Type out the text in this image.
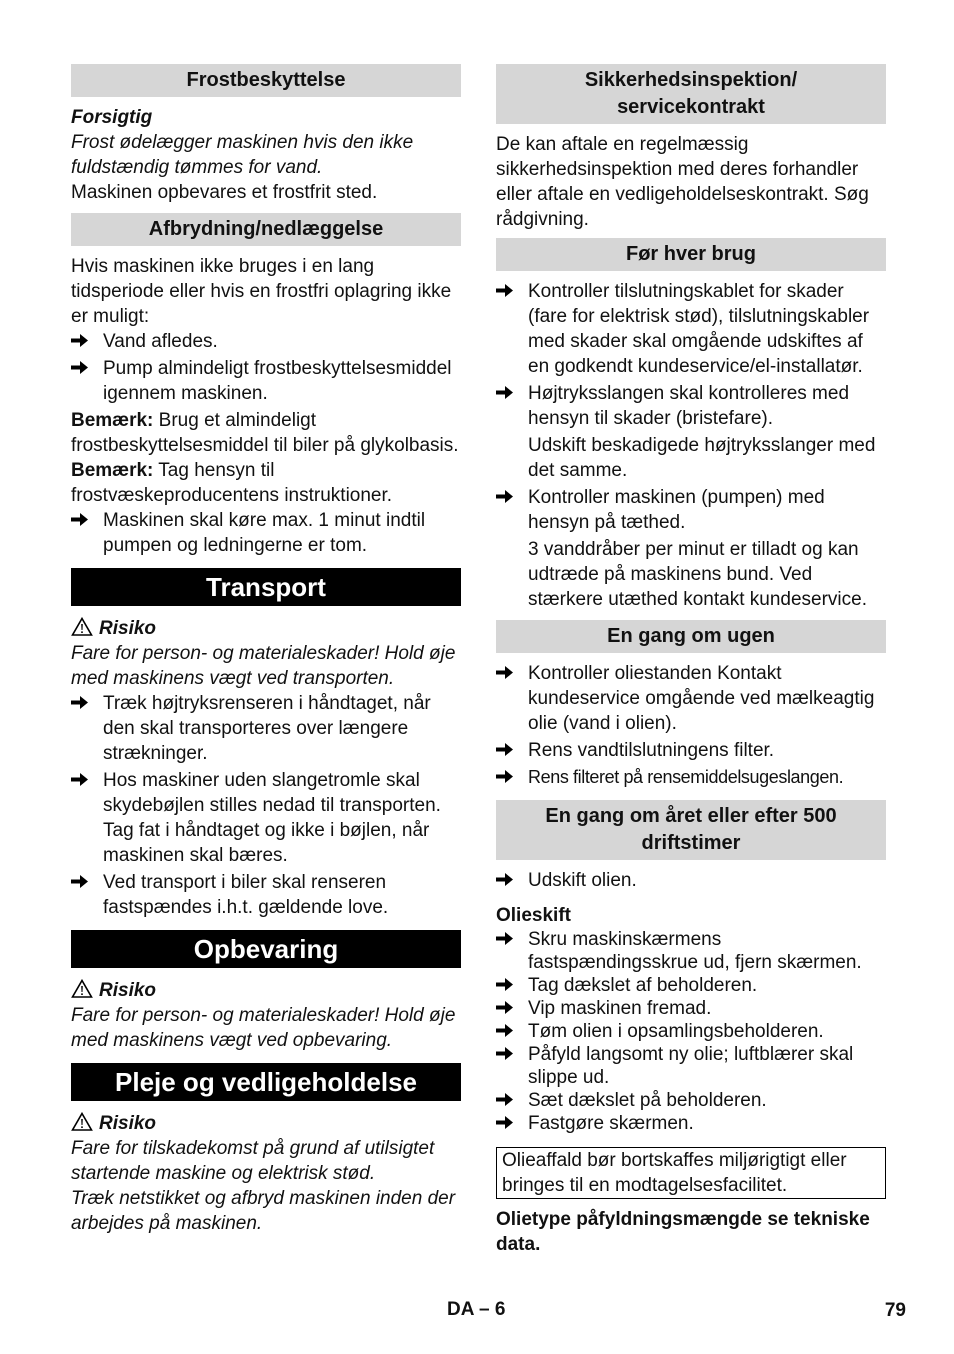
Frostbeskyttelse
Forsigtig
Frost ødelægger maskinen hvis den ikke fuldstændig tømmes for vand.
Maskinen opbevares et frostfrit sted.
Afbrydning/nedlæggelse
Hvis maskinen ikke bruges i en lang tidsperiode eller hvis en frostfri oplagring ikke er muligt:
Vand afledes.
Pump almindeligt frostbeskyttelsesmiddel igennem maskinen.
Bemærk: Brug et almindeligt frostbeskyttelsesmiddel til biler på glykolbasis.
Bemærk: Tag hensyn til frostvæskeproducentens instruktioner.
Maskinen skal køre max. 1 minut indtil pumpen og ledningerne er tom.
Transport
Risiko
Fare for person- og materialeskader! Hold øje med maskinens vægt ved transporten.
Træk højtryksrenseren i håndtaget, når den skal transporteres over længere strækninger.
Hos maskiner uden slangetromle skal skydebøjlen stilles nedad til transporten. Tag fat i håndtaget og ikke i bøjlen, når maskinen skal bæres.
Ved transport i biler skal renseren fastspændes i.h.t. gældende love.
Opbevaring
Risiko
Fare for person- og materialeskader! Hold øje med maskinens vægt ved opbevaring.
Pleje og vedligeholdelse
Risiko
Fare for tilskadekomst på grund af utilsigtet startende maskine og elektrisk stød.
Træk netstikket og afbryd maskinen inden der arbejdes på maskinen.
Sikkerhedsinspektion/ servicekontrakt
De kan aftale en regelmæssig sikkerhedsinspektion med deres forhandler eller aftale en vedligeholdelseskontrakt. Søg rådgivning.
Før hver brug
Kontroller tilslutningskablet for skader (fare for elektrisk stød), tilslutningskabler med skader skal omgående udskiftes af en godkendt kundeservice/el-installatør.
Højtryksslangen skal kontrolleres med hensyn til skader (bristefare).
Udskift beskadigede højtryksslanger med det samme.
Kontroller maskinen (pumpen) med hensyn på tæthed.
3 vanddråber per minut er tilladt og kan udtræde på maskinens bund. Ved stærkere utæthed kontakt kundeservice.
En gang om ugen
Kontroller oliestanden Kontakt kundeservice omgående ved mælkeagtig olie (vand i olien).
Rens vandtilslutningens filter.
Rens filteret på rensemiddelsugeslangen.
En gang om året eller efter 500 driftstimer
Udskift olien.
Olieskift
Skru maskinskærmens fastspændingsskrue ud, fjern skærmen.
Tag dækslet af beholderen.
Vip maskinen fremad.
Tøm olien i opsamlingsbeholderen.
Påfyld langsomt ny olie; luftblærer skal slippe ud.
Sæt dækslet på beholderen.
Fastgøre skærmen.
Olieaffald bør bortskaffes miljørigtigt eller bringes til en modtagelsesfacilitet.
Olietype påfyldningsmængde se tekniske data.
DA – 6	79
